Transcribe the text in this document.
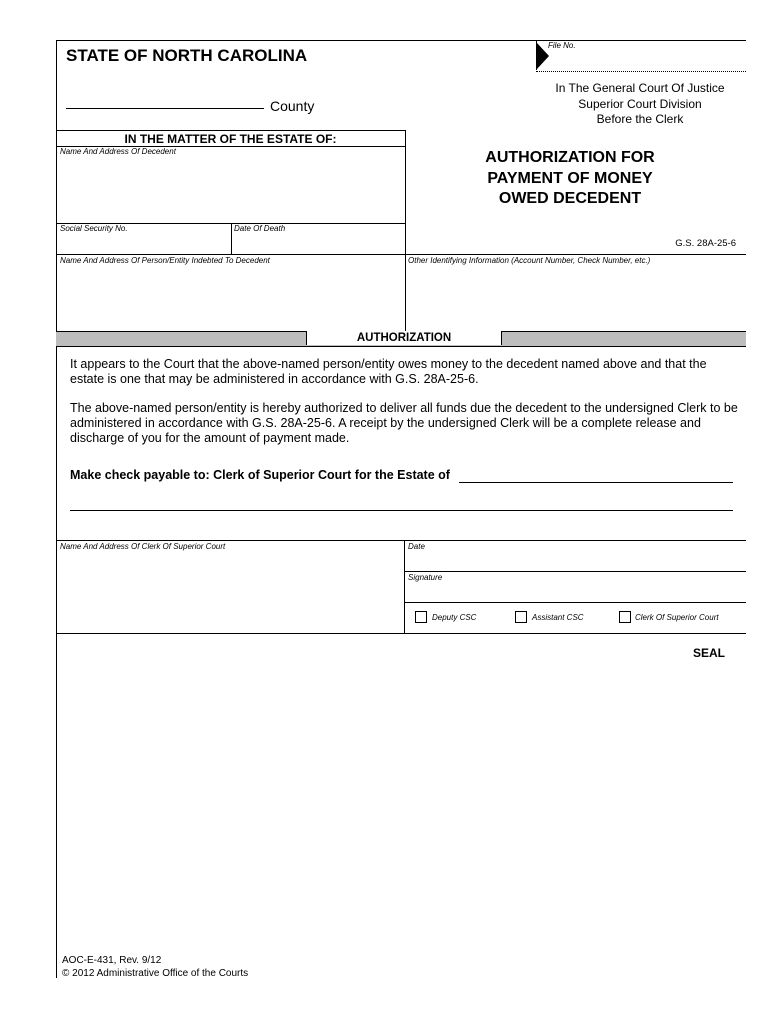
STATE OF NORTH CAROLINA
County
File No.
In The General Court Of Justice
Superior Court Division
Before the Clerk
IN THE MATTER OF THE ESTATE OF:
Name And Address Of Decedent
Social Security No.	Date Of Death
AUTHORIZATION FOR
PAYMENT OF MONEY
OWED DECEDENT
G.S. 28A-25-6
Name And Address Of Person/Entity Indebted To Decedent	Other Identifying Information (Account Number, Check Number, etc.)
AUTHORIZATION
It appears to the Court that the above-named person/entity owes money to the decedent named above and that the estate is one that may be administered in accordance with G.S. 28A-25-6.
The above-named person/entity is hereby authorized to deliver all funds due the decedent to the undersigned Clerk to be administered in accordance with G.S. 28A-25-6. A receipt by the undersigned Clerk will be a complete release and discharge of you for the amount of payment made.
Make check payable to: Clerk of Superior Court for the Estate of
Name And Address Of Clerk Of Superior Court	Date
Signature
Deputy CSC	Assistant CSC	Clerk Of Superior Court
SEAL
AOC-E-431, Rev. 9/12
© 2012 Administrative Office of the Courts
